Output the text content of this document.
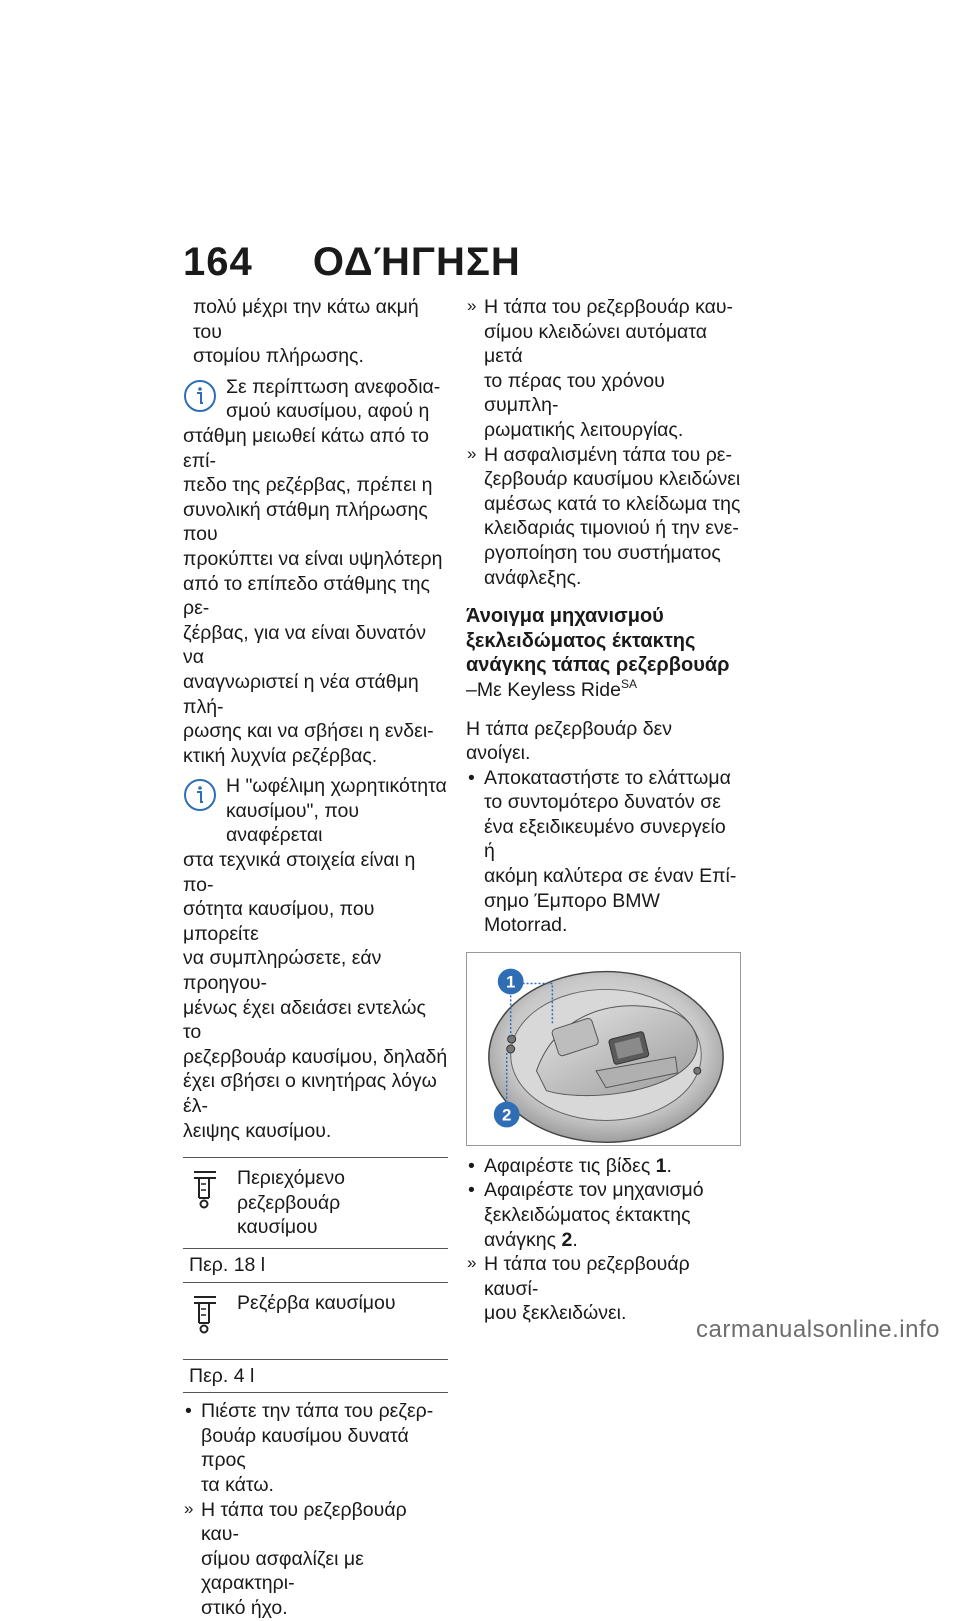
164 ΟΔΉΓΗΣΗ

πολύ μέχρι την κάτω ακμή του

στομίου πλήρωσης.

Σε περίπτωση ανεφοδια-

σμού καυσίμου, αφού η

στάθμη μειωθεί κάτω από το επί-

πεδο της ρεζέρβας, πρέπει η

συνολική στάθμη πλήρωσης που

προκύπτει να είναι υψηλότερη

από το επίπεδο στάθμης της ρε-

ζέρβας, για να είναι δυνατόν να

αναγνωριστεί η νέα στάθμη πλή-

ρωσης και να σβήσει η ενδει-

κτική λυχνία ρεζέρβας.

Η "ωφέλιμη χωρητικότητα

καυσίμου", που αναφέρεται

στα τεχνικά στοιχεία είναι η πο-

σότητα καυσίμου, που μπορείτε

να συμπληρώσετε, εάν προηγου-

μένως έχει αδειάσει εντελώς το

ρεζερβουάρ καυσίμου, δηλαδή

έχει σβήσει ο κινητήρας λόγω έλ-

λειψης καυσίμου.

Περιεχόμενο ρεζερβουάρ

καυσίμου

Περ. 18 l

Ρεζέρβα καυσίμου

Περ. 4 l
• Πιέστε την τάπα του ρεζερ-

βουάρ καυσίμου δυνατά προς

τα κάτω.

» Η τάπα του ρεζερβουάρ καυ-

σίμου ασφαλίζει με χαρακτηρι-

στικό ήχο.

» Η τάπα του ρεζερβουάρ καυ-

σίμου κλειδώνει αυτόματα μετά

το πέρας του χρόνου συμπλη-

ρωματικής λειτουργίας.

» Η ασφαλισμένη τάπα του ρε-

ζερβουάρ καυσίμου κλειδώνει

αμέσως κατά το κλείδωμα της

κλειδαριάς τιμονιού ή την ενε-

ργοποίηση του συστήματος

ανάφλεξης.

Άνοιγμα μηχανισμού

ξεκλειδώματος έκτακτης

ανάγκης τάπας ρεζερβουάρ

–Με Keyless Ride$^{SA}$

Η τάπα ρεζερβουάρ δεν ανοίγει.

• Αποκαταστήστε το ελάττωμα

το συντομότερο δυνατόν σε

ένα εξειδικευμένο συνεργείο ή

ακόμη καλύτερα σε έναν Επί-

σημο Έμπορο BMW Motorrad.

1
2
• Αφαιρέστε τις βίδες 1.

• Αφαιρέστε τον μηχανισμό

ξεκλειδώματος έκτακτης

ανάγκης 2.

» Η τάπα του ρεζερβουάρ καυσί-

μου ξεκλειδώνει.

carmanualsonline.info
